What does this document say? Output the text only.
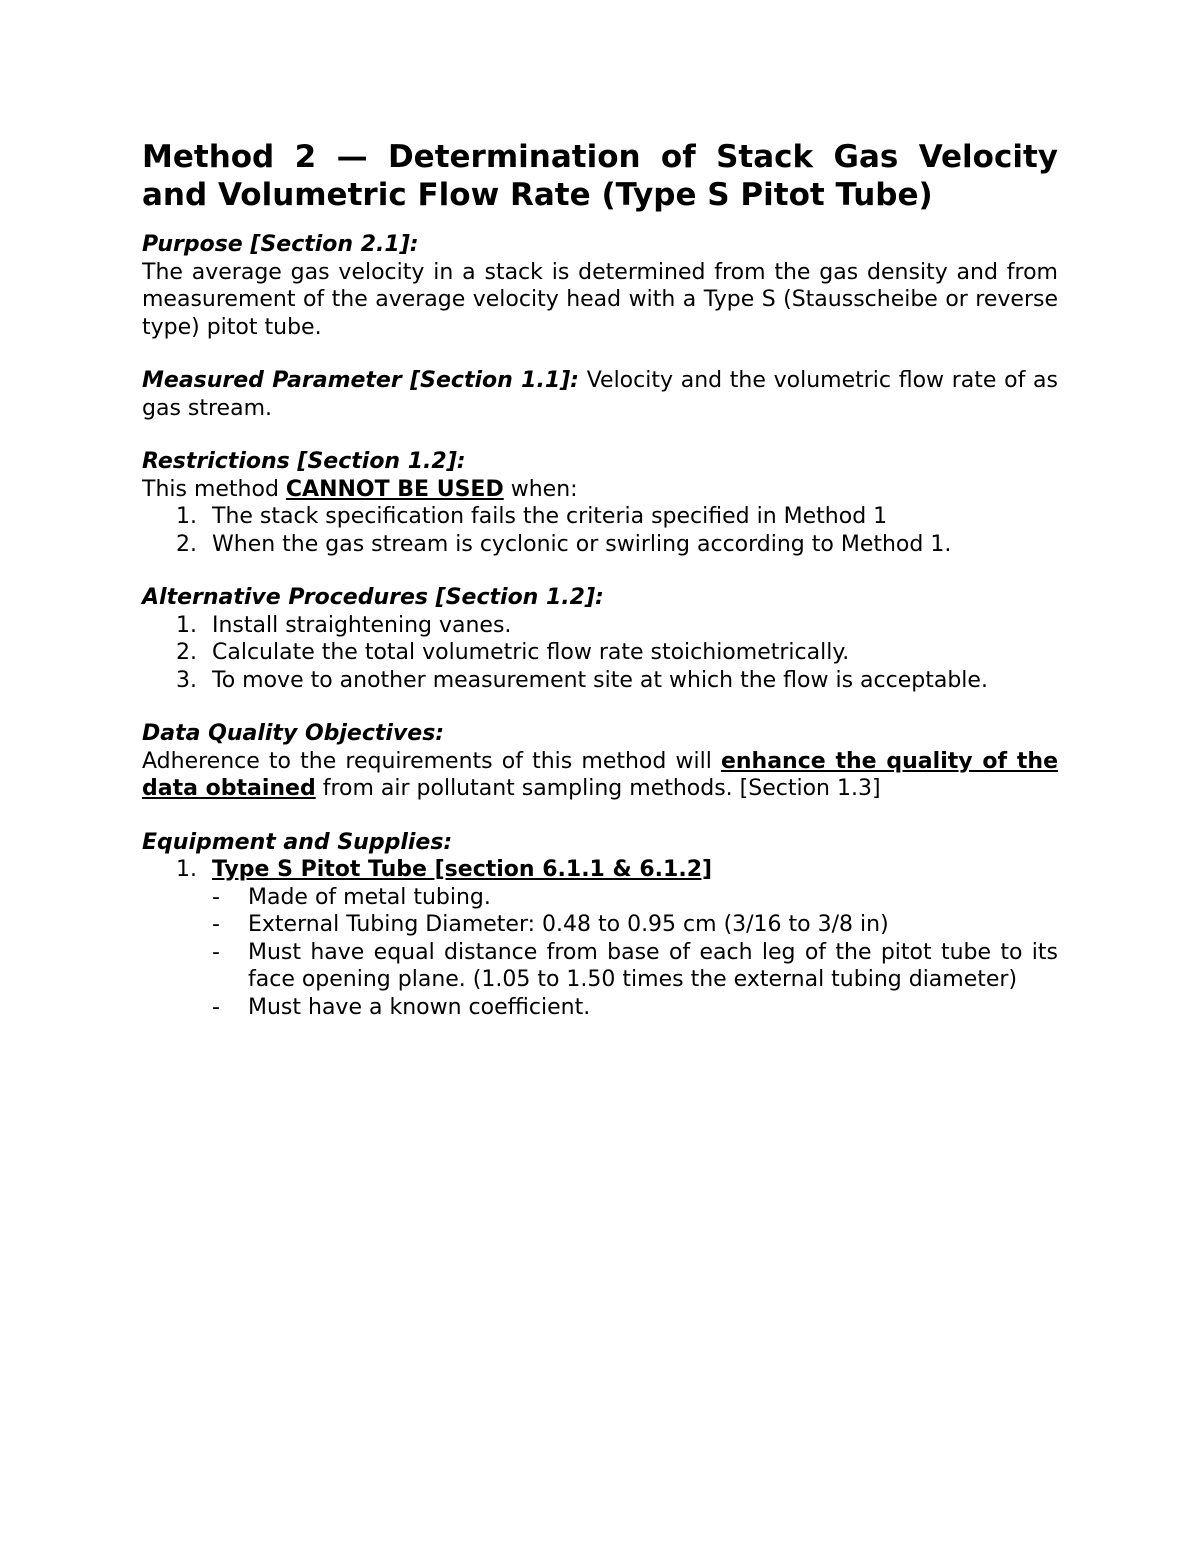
Method 2 — Determination of Stack Gas Velocity and Volumetric Flow Rate (Type S Pitot Tube)
Purpose [Section 2.1]:
The average gas velocity in a stack is determined from the gas density and from measurement of the average velocity head with a Type S (Stausscheibe or reverse type) pitot tube.
Measured Parameter [Section 1.1]: Velocity and the volumetric flow rate of as gas stream.
Restrictions [Section 1.2]:
This method CANNOT BE USED when:
1. The stack specification fails the criteria specified in Method 1
2. When the gas stream is cyclonic or swirling according to Method 1.
Alternative Procedures [Section 1.2]:
1. Install straightening vanes.
2. Calculate the total volumetric flow rate stoichiometrically.
3. To move to another measurement site at which the flow is acceptable.
Data Quality Objectives:
Adherence to the requirements of this method will enhance the quality of the data obtained from air pollutant sampling methods. [Section 1.3]
Equipment and Supplies:
1. Type S Pitot Tube [section 6.1.1 & 6.1.2]
- Made of metal tubing.
- External Tubing Diameter: 0.48 to 0.95 cm (3/16 to 3/8 in)
- Must have equal distance from base of each leg of the pitot tube to its face opening plane. (1.05 to 1.50 times the external tubing diameter)
- Must have a known coefficient.
